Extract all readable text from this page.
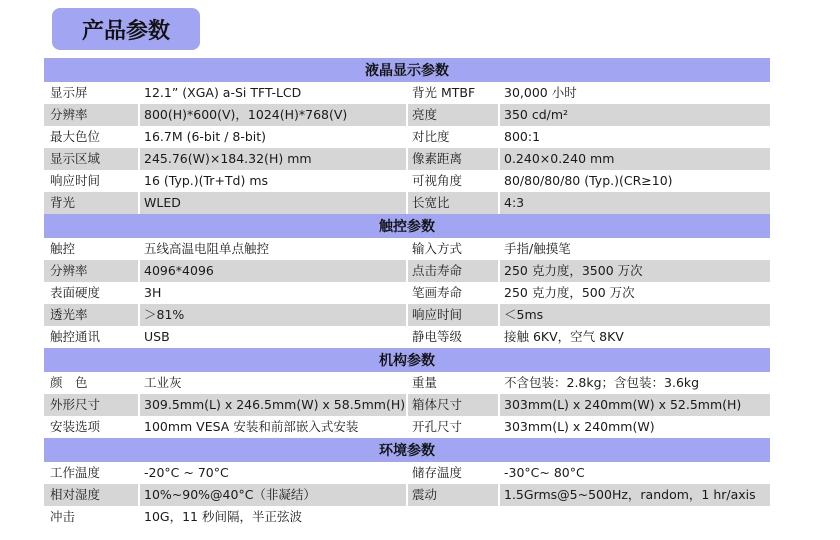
产品参数
液晶显示参数
显示屏	12.1” (XGA) a-Si TFT-LCD	背光 MTBF 30,000 小时
分辨率	800(H)*600(V)，1024(H)*768(V)	亮度	350 cd/m²
最大色位	16.7M (6-bit / 8-bit)	对比度	800:1
显示区域	245.76(W)×184.32(H) mm	像素距离	0.240×0.240 mm
响应时间	16 (Typ.)(Tr+Td) ms	可视角度	80/80/80/80 (Typ.)(CR≥10)
背光	WLED	长宽比	4:3
触控参数
触控	五线高温电阻单点触控	输入方式	手指/触摸笔
分辨率	4096*4096	点击寿命	250 克力度，3500 万次
表面硬度	3H	笔画寿命	250 克力度，500 万次
透光率	＞81%	响应时间	＜5ms
触控通讯	USB	静电等级	接触 6KV，空气 8KV
机构参数
颜　色	工业灰	重量	不含包装：2.8kg；含包装：3.6kg
外形尺寸	309.5mm(L) x 246.5mm(W) x 58.5mm(H) 箱体尺寸	303mm(L) x 240mm(W) x 52.5mm(H)
安装选项	100mm VESA 安装和前部嵌入式安装	开孔尺寸	303mm(L) x 240mm(W)
环境参数
工作温度	-20°C ~ 70°C	储存温度	-30°C~ 80°C
相对湿度	10%~90%@40°C（非凝结）	震动	1.5Grms@5~500Hz，random，1 hr/axis
冲击	10G，11 秒间隔，半正弦波
